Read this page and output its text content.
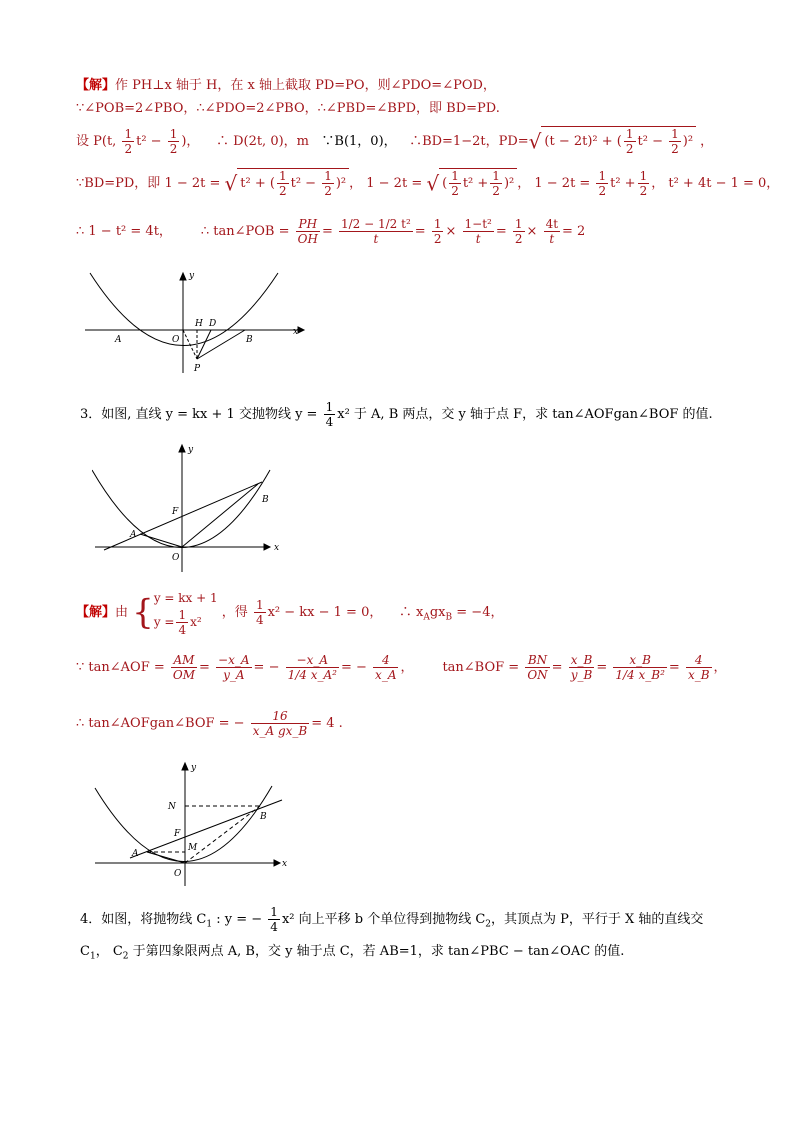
【解】作 PH⊥x 轴于 H，在 x 轴上截取 PD=PO，则∠PDO=∠POD，
∵∠POB=2∠PBO，∴∠PDO=2∠PBO，∴∠PBD=∠BPD，即 BD=PD.
设 P(t, $\frac{1}{2} t^2 - \frac{1}{2}$ )， ∴ D(2t, 0)，m ∵B(1，0)， ∴BD=1−2t，PD=√ (t − 2t)² + ( $\frac{1}{2} t^2 - \frac{1}{2} )^2$ ，
∵BD=PD，即 1 − 2t = √ t² + ( $\frac{1}{2} t^2 - \frac{1}{2} )^2$ ， 1 − 2t = √ ( $\frac{1}{2} t^2 + \frac{1}{2} )^2$ ， $1 - 2t = \frac{1}{2} t^2 + \frac{1}{2}$ ， t² + 4t − 1 = 0，
∴ 1 − t² = 4t， ∴ tan∠POB = $\frac{PH}{OH} = \frac{\text{1/2 − 1/2 t²}}{t} = \frac{1}{2} \times \frac{\text{1−t²}}{t} = \frac{1}{2} \times \frac{4t}{t} = 2$
y
x
A	O
H D
B
P
3．如图, 直线 y = kx + 1 交抛物线 $y = \frac{1}{4} x^2$ 于 A, B 两点，交 y 轴于点 F，求 tan∠AOFgan∠BOF 的值.
y
x
A
O
F
B
【解】由 { y = kx + 1
$y = \frac{1}{4} x^2$
，得 $\frac{1}{4} x^2$ − kx − 1 = 0， ∴ $x_Agx_B = -4$，
∵ tan∠AOF = $\frac{AM}{OM} = \frac{-x\_A}{y\_A}$ = − $\frac{-x\_A}{\text{1/4 x\_A²}}$ = − $\frac{4}{x\_A}$ ， tan∠BOF = $\frac{BN}{ON} = \frac{x\_B}{y\_B} = \frac{x\_B}{\text{1/4 x\_B²}} = \frac{4}{x\_B}$ ，
∴ tan∠AOFgan∠BOF = − $\frac{16}{\text{x\_A gx\_B}} = 4$ .
y
x
A
O
F
B
N
M
4．如图，将抛物线 $C_1$ : y = − $\frac{1}{4} x^2$ 向上平移 b 个单位得到抛物线 $C_2$，其顶点为 P，平行于 X 轴的直线交
$C_1$， $C_2$ 于第四象限两点 A, B，交 y 轴于点 C，若 AB=1，求 tan∠PBC − tan∠OAC 的值.
